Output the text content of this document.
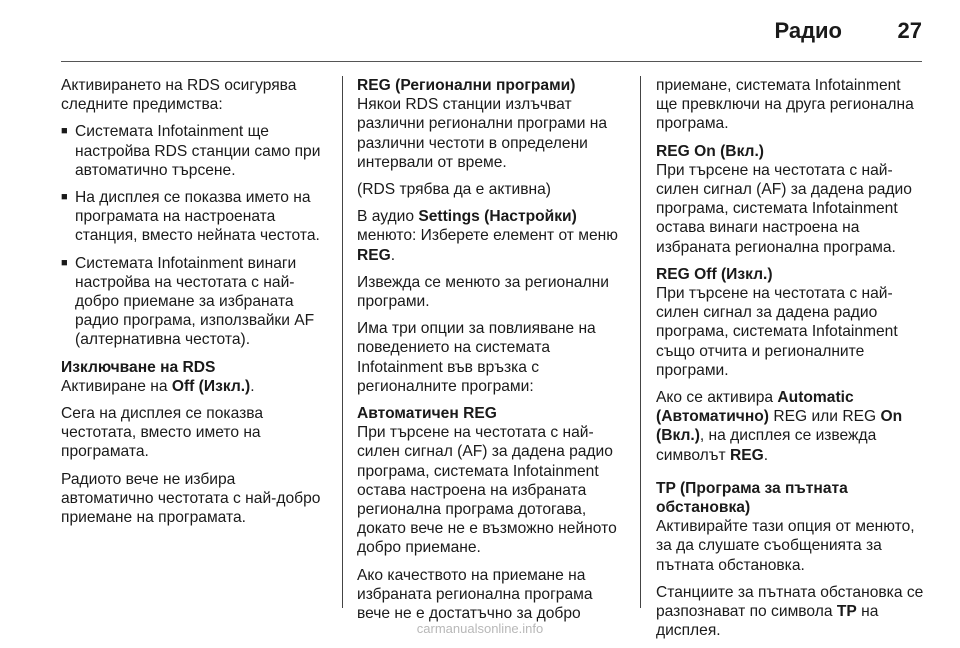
Радио	27

Активирането на RDS осигурява следните предимства:

■ Системата Infotainment ще настройва RDS станции само при автоматично търсене.
■ На дисплея се показва името на програмата на настроената станция, вместо нейната честота.
■ Системата Infotainment винаги настройва на честотата с най-добро приемане за избраната радио програма, използвайки AF (алтернативна честота).

Изключване на RDS

Активиране на Off (Изкл.).

Сега на дисплея се показва честотата, вместо името на програмата.

Радиото вече не избира автоматично честотата с най-добро приемане на програмата.

REG (Регионални програми)

Някои RDS станции излъчват различни регионални програми на различни честоти в определени интервали от време.

(RDS трябва да е активна)

В аудио Settings (Настройки) менюто: Изберете елемент от меню REG.

Извежда се менюто за регионални програми.

Има три опции за повлияване на поведението на системата Infotainment във връзка с регионалните програми:

Автоматичен REG

При търсене на честотата с най-силен сигнал (AF) за дадена радио програма, системата Infotainment остава настроена на избраната регионална програма дотогава, докато вече не е възможно нейното добро приемане.

Ако качеството на приемане на избраната регионална програма вече не е достатъчно за добро

приемане, системата Infotainment ще превключи на друга регионална програма.

REG On (Вкл.)

При търсене на честотата с най-силен сигнал (AF) за дадена радио програма, системата Infotainment остава винаги настроена на избраната регионална програма.

REG Off (Изкл.)

При търсене на честотата с най-силен сигнал за дадена радио програма, системата Infotainment също отчита и регионалните програми.

Ако се активира Automatic (Автоматично) REG или REG On (Вкл.), на дисплея се извежда символът REG.

TP (Програма за пътната обстановка)

Активирайте тази опция от менюто, за да слушате съобщенията за пътната обстановка.

Станциите за пътната обстановка се разпознават по символа TP на дисплея.

carmanualsonline.info
